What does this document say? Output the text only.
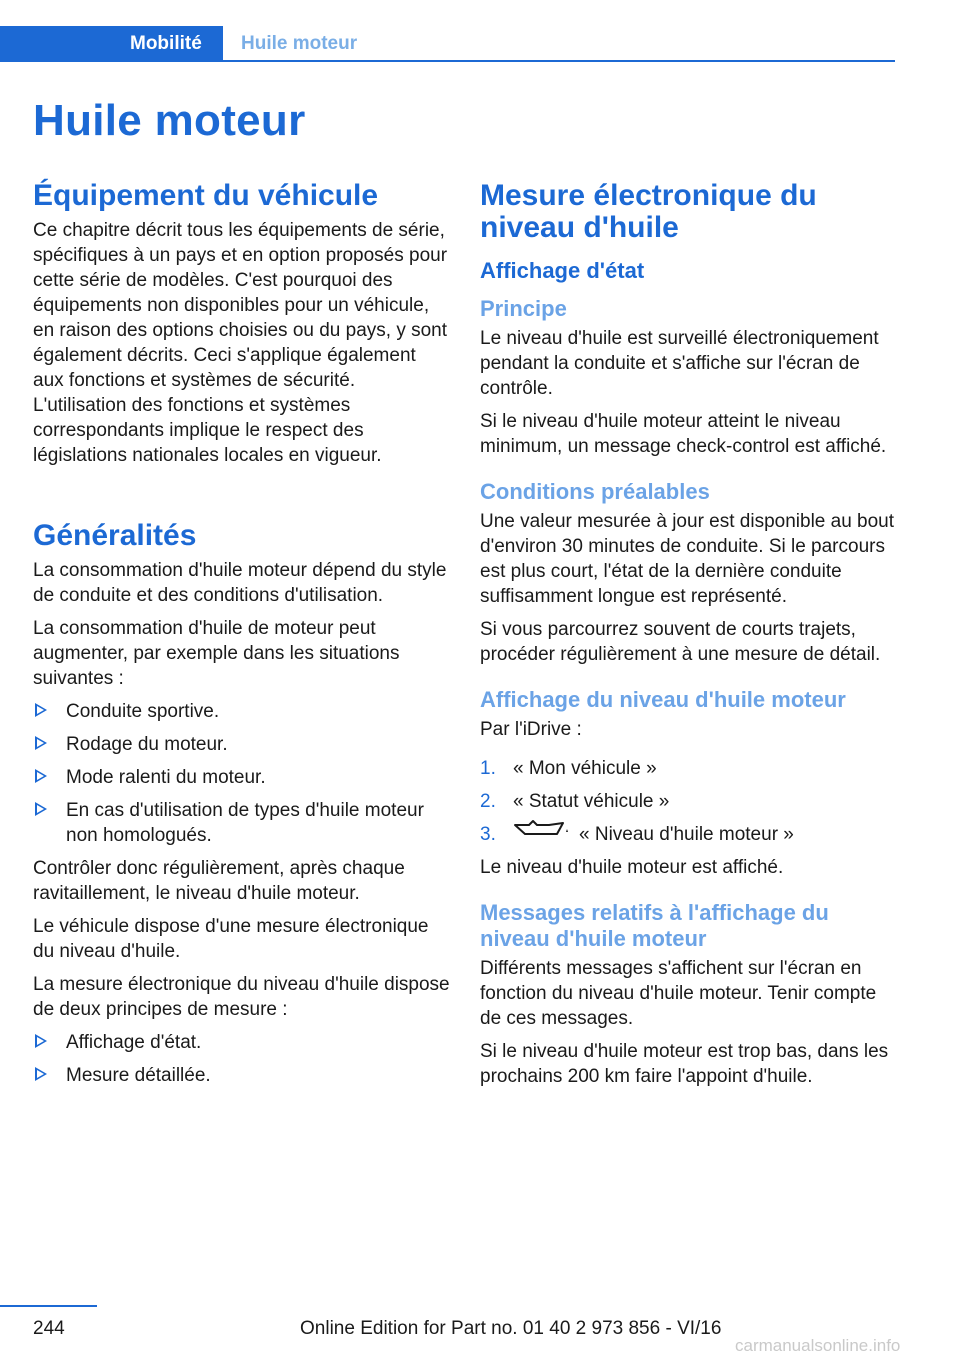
Mobilité	Huile moteur
Huile moteur
Équipement du véhicule

Ce chapitre décrit tous les équipements de série, spécifiques à un pays et en option proposés pour cette série de modèles. C'est pourquoi des équipements non disponibles pour un véhicule, en raison des options choisies ou du pays, y sont également décrits. Ceci s'applique également aux fonctions et systèmes de sécurité. L'utilisation des fonctions et systèmes correspondants implique le respect des législations nationales locales en vigueur.

Généralités

La consommation d'huile moteur dépend du style de conduite et des conditions d'utilisation.

La consommation d'huile de moteur peut augmenter, par exemple dans les situations suivantes :

Conduite sportive.
Rodage du moteur.
Mode ralenti du moteur.
En cas d'utilisation de types d'huile moteur non homologués.

Contrôler donc régulièrement, après chaque ravitaillement, le niveau d'huile moteur.

Le véhicule dispose d'une mesure électronique du niveau d'huile.

La mesure électronique du niveau d'huile dispose de deux principes de mesure :

Affichage d'état.
Mesure détaillée.
Mesure électronique du niveau d'huile
Affichage d'état
Principe

Le niveau d'huile est surveillé électroniquement pendant la conduite et s'affiche sur l'écran de contrôle.

Si le niveau d'huile moteur atteint le niveau minimum, un message check-control est affiché.

Conditions préalables

Une valeur mesurée à jour est disponible au bout d'environ 30 minutes de conduite. Si le parcours est plus court, l'état de la dernière conduite suffisamment longue est représenté.

Si vous parcourrez souvent de courts trajets, procéder régulièrement à une mesure de détail.

Affichage du niveau d'huile moteur

Par l'iDrive :

1. « Mon véhicule »
2. « Statut véhicule »
3.	« Niveau d'huile moteur »

Le niveau d'huile moteur est affiché.

Messages relatifs à l'affichage du niveau d'huile moteur

Différents messages s'affichent sur l'écran en fonction du niveau d'huile moteur. Tenir compte de ces messages.

Si le niveau d'huile moteur est trop bas, dans les prochains 200 km faire l'appoint d'huile.

244	Online Edition for Part no. 01 40 2 973 856 - VI/16
carmanualsonline.info
